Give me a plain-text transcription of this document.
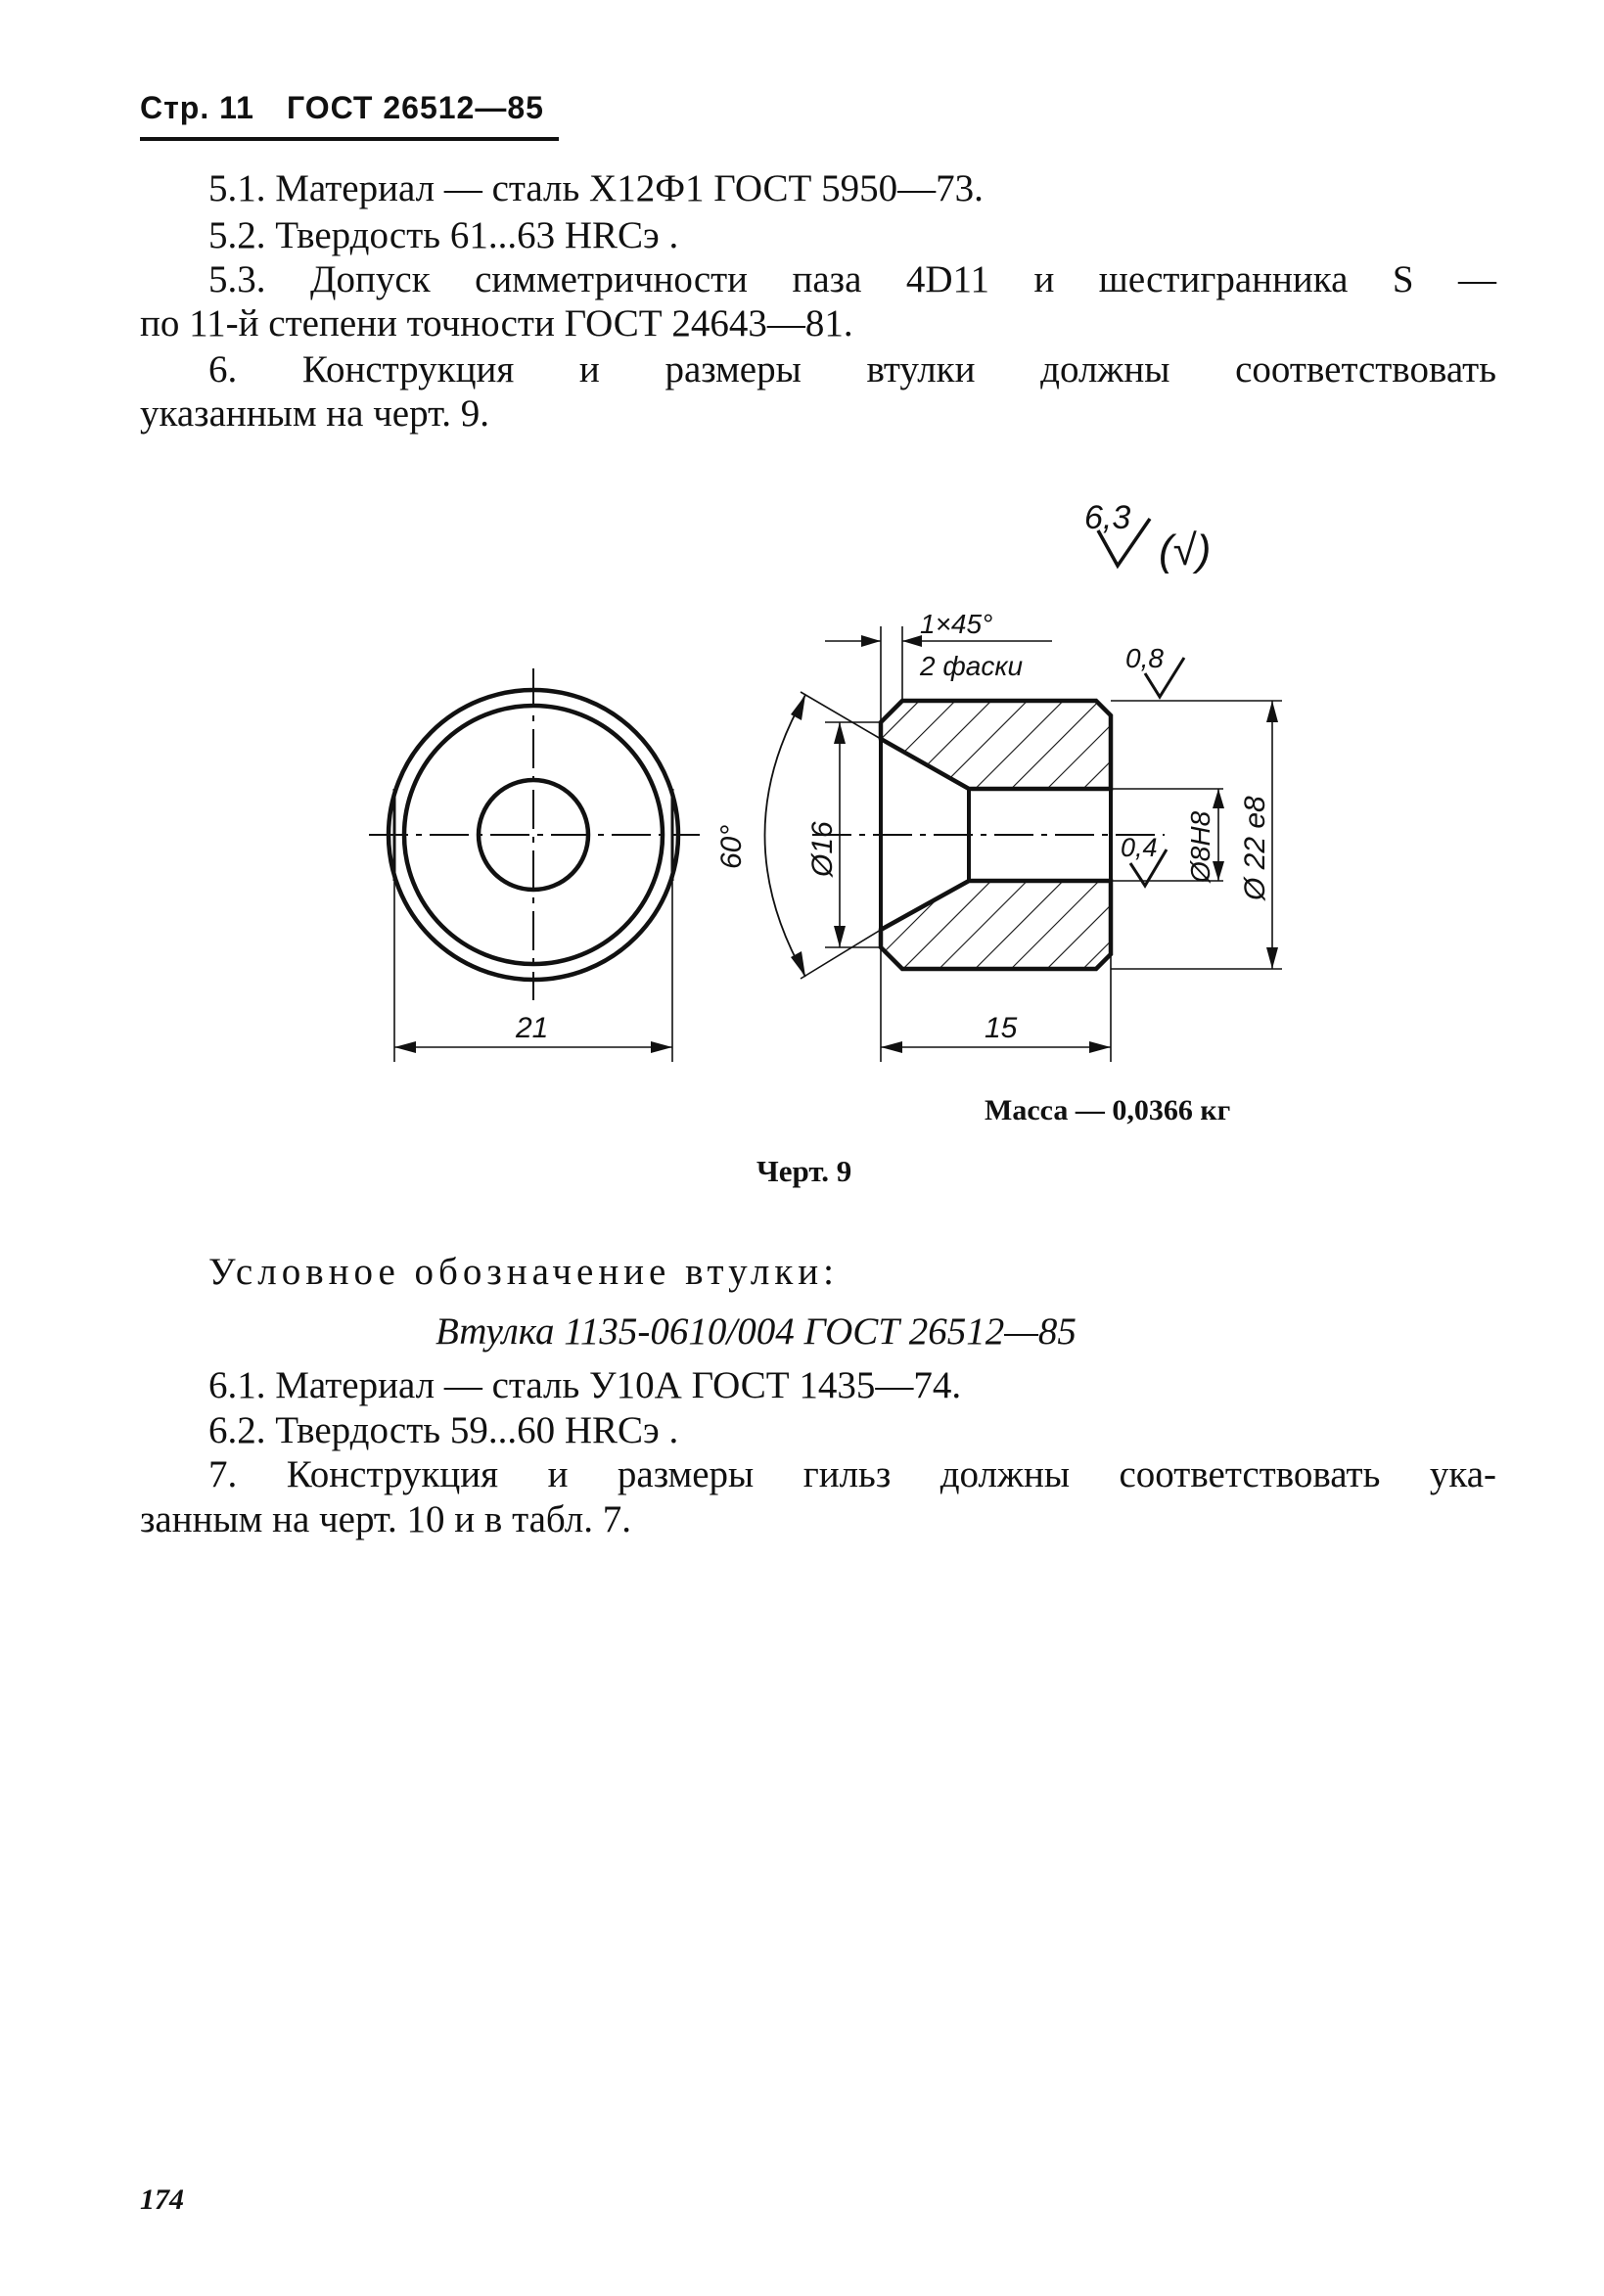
Стр. 11 ГОСТ 26512—85
5.1. Материал — сталь Х12Ф1 ГОСТ 5950—73.
5.2. Твердость 61...63 HRCэ .
5.3. Допуск симметричности паза 4D11 и шестигранника S —
по 11-й степени точности ГОСТ 24643—81.
6. Конструкция и размеры втулки должны соответствовать
указанным на черт. 9.
6,3
(√)
21
1×45°
2 фаски	0,8
Ø 22 e8
Ø8H8
0,4
Ø16
60°
15
Масса — 0,0366 кг
Черт. 9
Условное обозначение втулки:
Втулка 1135-0610/004 ГОСТ 26512—85
6.1. Материал — сталь У10А ГОСТ 1435—74.
6.2. Твердость 59...60 HRCэ .
7. Конструкция и размеры гильз должны соответствовать ука-
занным на черт. 10 и в табл. 7.
174
